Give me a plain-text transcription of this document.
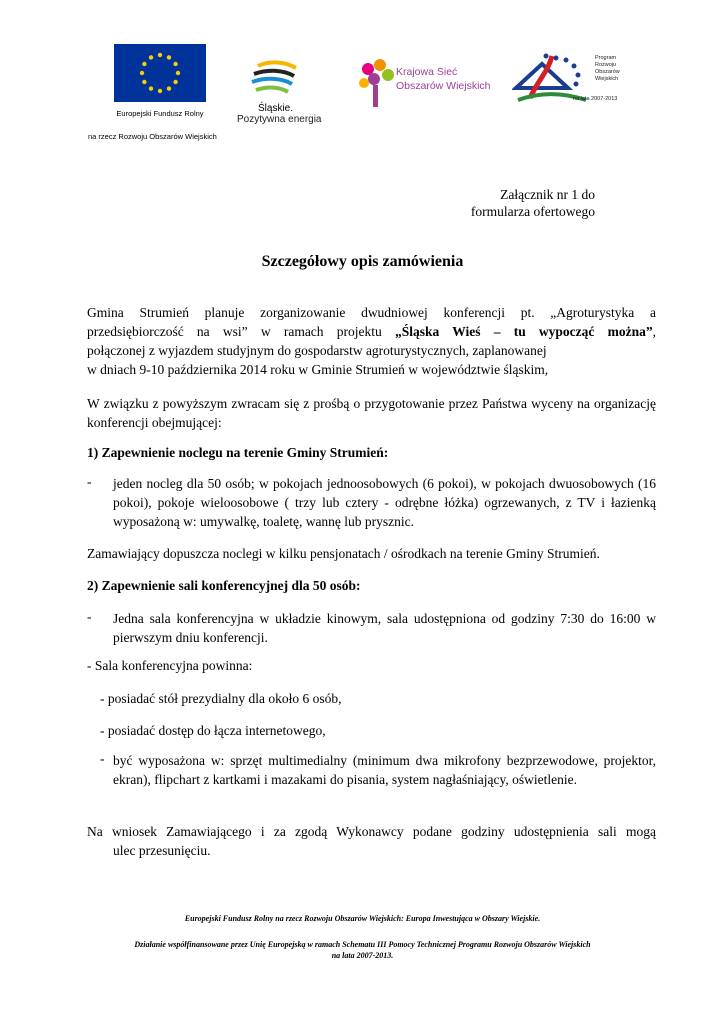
Europejski Fundusz Rolny
na rzecz Rozwoju Obszarów Wiejskich
Śląskie.
Pozytywna energia
Krajowa Sieć
Obszarów Wiejskich
Program
Rozwoju
Obszarów
Wiejskich
na lata 2007-2013
Załącznik nr 1 do
formularza ofertowego
Szczegółowy opis zamówienia
Gmina Strumień planuje zorganizowanie dwudniowej konferencji pt. „Agroturystyka a
przedsiębiorczość na wsi” w ramach projektu „Śląska Wieś – tu wypocząć można”,
połączonej z wyjazdem studyjnym do gospodarstw agroturystycznych, zaplanowanej
w dniach 9-10 października 2014 roku w Gminie Strumień w województwie śląskim,
W związku z powyższym zwracam się z prośbą o przygotowanie przez Państwa wyceny na organizację konferencji obejmującej:
1) Zapewnienie noclegu na terenie Gminy Strumień:
- jeden nocleg dla 50 osób; w pokojach jednoosobowych (6 pokoi), w pokojach dwuosobowych (16 pokoi), pokoje wieloosobowe ( trzy lub cztery - odrębne łóżka) ogrzewanych, z TV i łazienką wyposażoną w: umywalkę, toaletę, wannę lub prysznic.
Zamawiający dopuszcza noclegi w kilku pensjonatach / ośrodkach na terenie Gminy Strumień.
2) Zapewnienie sali konferencyjnej dla 50 osób:
- Jedna sala konferencyjna w układzie kinowym, sala udostępniona od godziny 7:30 do 16:00 w pierwszym dniu konferencji.
- Sala konferencyjna powinna:
- posiadać stół prezydialny dla około 6 osób,
- posiadać dostęp do łącza internetowego,
- być wyposażona w: sprzęt multimedialny (minimum dwa mikrofony bezprzewodowe, projektor, ekran), flipchart z kartkami i mazakami do pisania, system nagłaśniający, oświetlenie.
Na wniosek Zamawiającego i za zgodą Wykonawcy podane godziny udostępnienia sali mogą
ulec przesunięciu.
Europejski Fundusz Rolny na rzecz Rozwoju Obszarów Wiejskich: Europa Inwestująca w Obszary Wiejskie.
Działanie współfinansowane przez Unię Europejską w ramach Schematu III Pomocy Technicznej Programu Rozwoju Obszarów Wiejskich
na lata 2007-2013.
